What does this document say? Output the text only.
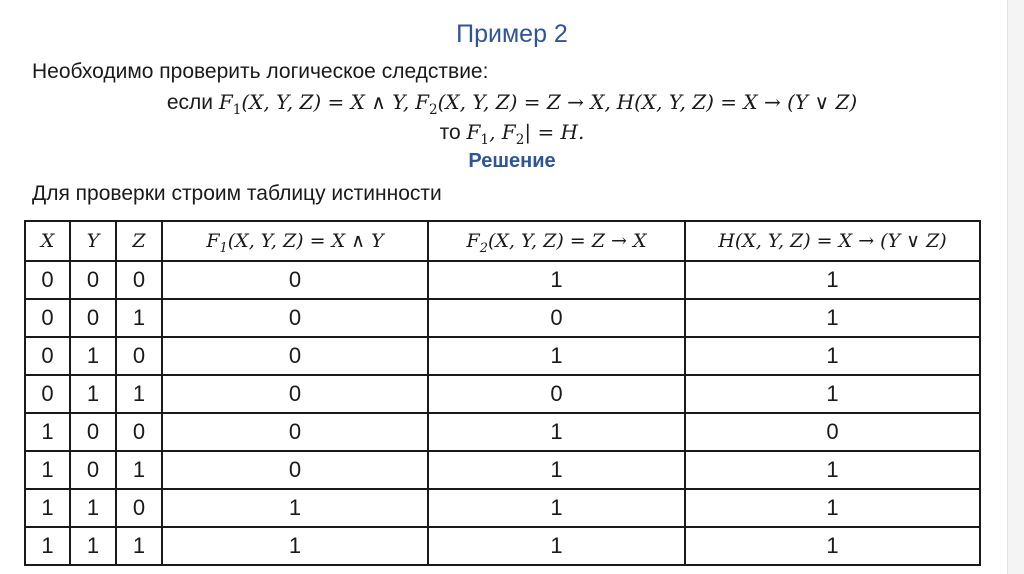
Пример 2
Необходимо проверить логическое следствие:
если $F_1(X$, Y, Z) = X ∧ Y, $F_2(X$, Y, Z) = Z → X, H(X, Y, Z) = X → (Y ∨ Z)
то $F_1$, $F_2| = H$.
Решение
Для проверки строим таблицу истинности
X	Y	Z	$F_1(X$, Y, Z) = X ∧ Y	$F_2(X$, Y, Z) = Z → X	H(X, Y, Z) = X → (Y ∨ Z)
0	0	0	0	1	1
0	0	1	0	0	1
0	1	0	0	1	1
0	1	1	0	0	1
1	0	0	0	1	0
1	0	1	0	1	1
1	1	0	1	1	1
1	1	1	1	1	1
